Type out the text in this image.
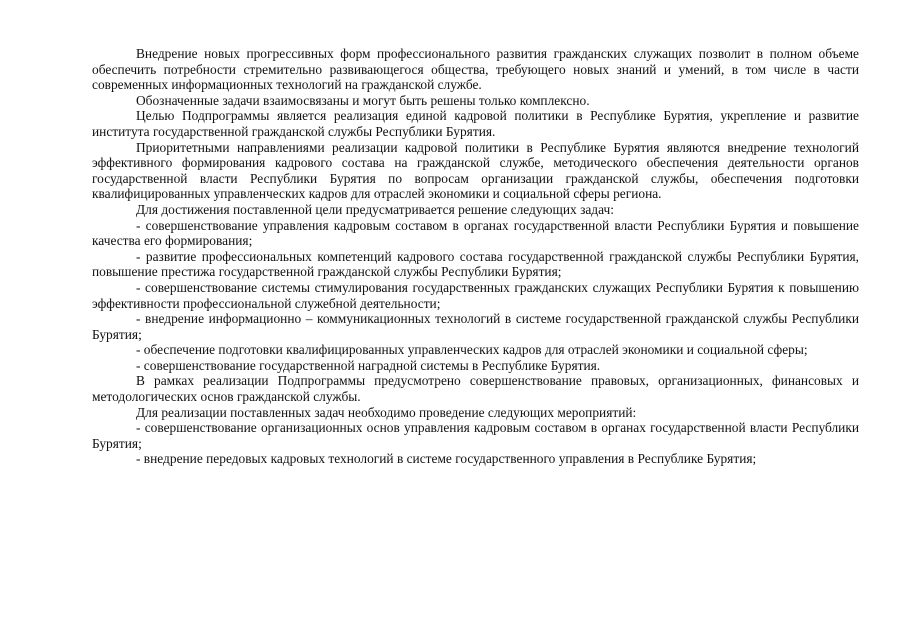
Внедрение новых прогрессивных форм профессионального развития гражданских служащих позволит в полном объеме обеспечить потребности стремительно развивающегося общества, требующего новых знаний и умений, в том числе в части современных информационных технологий на гражданской службе.

Обозначенные задачи взаимосвязаны и могут быть решены только комплексно.

Целью Подпрограммы является реализация единой кадровой политики в Республике Бурятия, укрепление и развитие института государственной гражданской службы Республики Бурятия.

Приоритетными направлениями реализации кадровой политики в Республике Бурятия являются внедрение технологий эффективного формирования кадрового состава на гражданской службе, методического обеспечения деятельности органов государственной власти Республики Бурятия по вопросам организации гражданской службы, обеспечения подготовки квалифицированных управленческих кадров для отраслей экономики и социальной сферы региона.

Для достижения поставленной цели предусматривается решение следующих задач:

- совершенствование управления кадровым составом в органах государственной власти Республики Бурятия и повышение качества его формирования;

- развитие профессиональных компетенций кадрового состава государственной гражданской службы Республики Бурятия, повышение престижа государственной гражданской службы Республики Бурятия;

- совершенствование системы стимулирования государственных гражданских служащих Республики Бурятия к повышению эффективности профессиональной служебной деятельности;

- внедрение информационно – коммуникационных технологий в системе государственной гражданской службы Республики Бурятия;

- обеспечение подготовки квалифицированных управленческих кадров для отраслей экономики и социальной сферы;

- совершенствование государственной наградной системы в Республике Бурятия.

В рамках реализации Подпрограммы предусмотрено совершенствование правовых, организационных, финансовых и методологических основ гражданской службы.

Для реализации поставленных задач необходимо проведение следующих мероприятий:

- совершенствование организационных основ управления кадровым составом в органах государственной власти Республики Бурятия;

- внедрение передовых кадровых технологий в системе государственного управления в Республике Бурятия;
